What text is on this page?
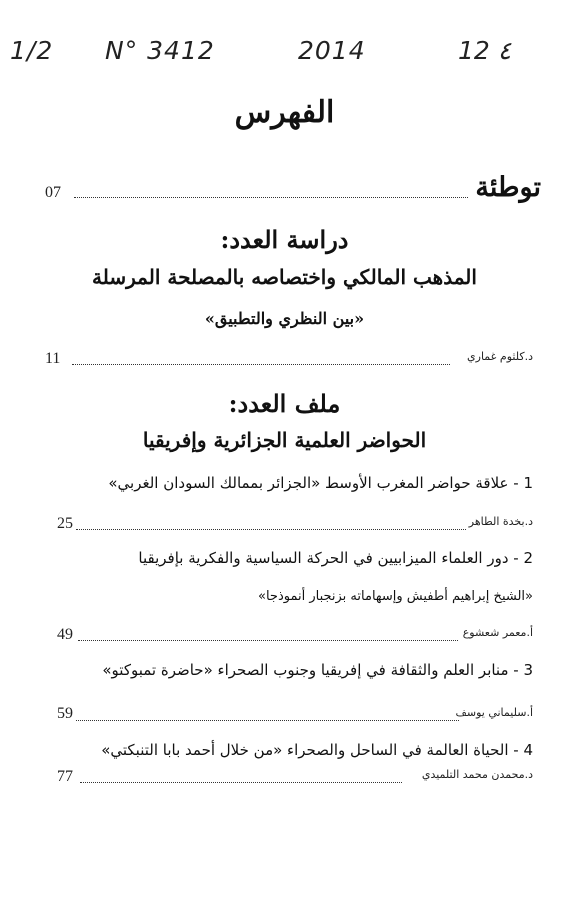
1/2 N° 3412	2014	12 ٤
الفهرس
توطئة
07
دراسة العدد:
المذهب المالكي واختصاصه بالمصلحة المرسلة
«بين النظري والتطبيق»
د.كلثوم غماري
11
ملف العدد:
الحواضر العلمية الجزائرية وإفريقيا
1 - علاقة حواضر المغرب الأوسط «الجزائر بممالك السودان الغربي»
د.بخدة الطاهر
25
2 - دور العلماء الميزابيين في الحركة السياسية والفكرية بإفريقيا
«الشيخ إبراهيم أطفيش وإسهاماته بزنجبار أنموذجا»
أ.معمر شعشوع
49
3 - منابر العلم والثقافة في إفريقيا وجنوب الصحراء «حاضرة تمبوكتو»
أ.سليماني يوسف
59
4 - الحياة العالمة في الساحل والصحراء «من خلال أحمد بابا التنبكتي»
د.محمدن محمد التلميدي
77
